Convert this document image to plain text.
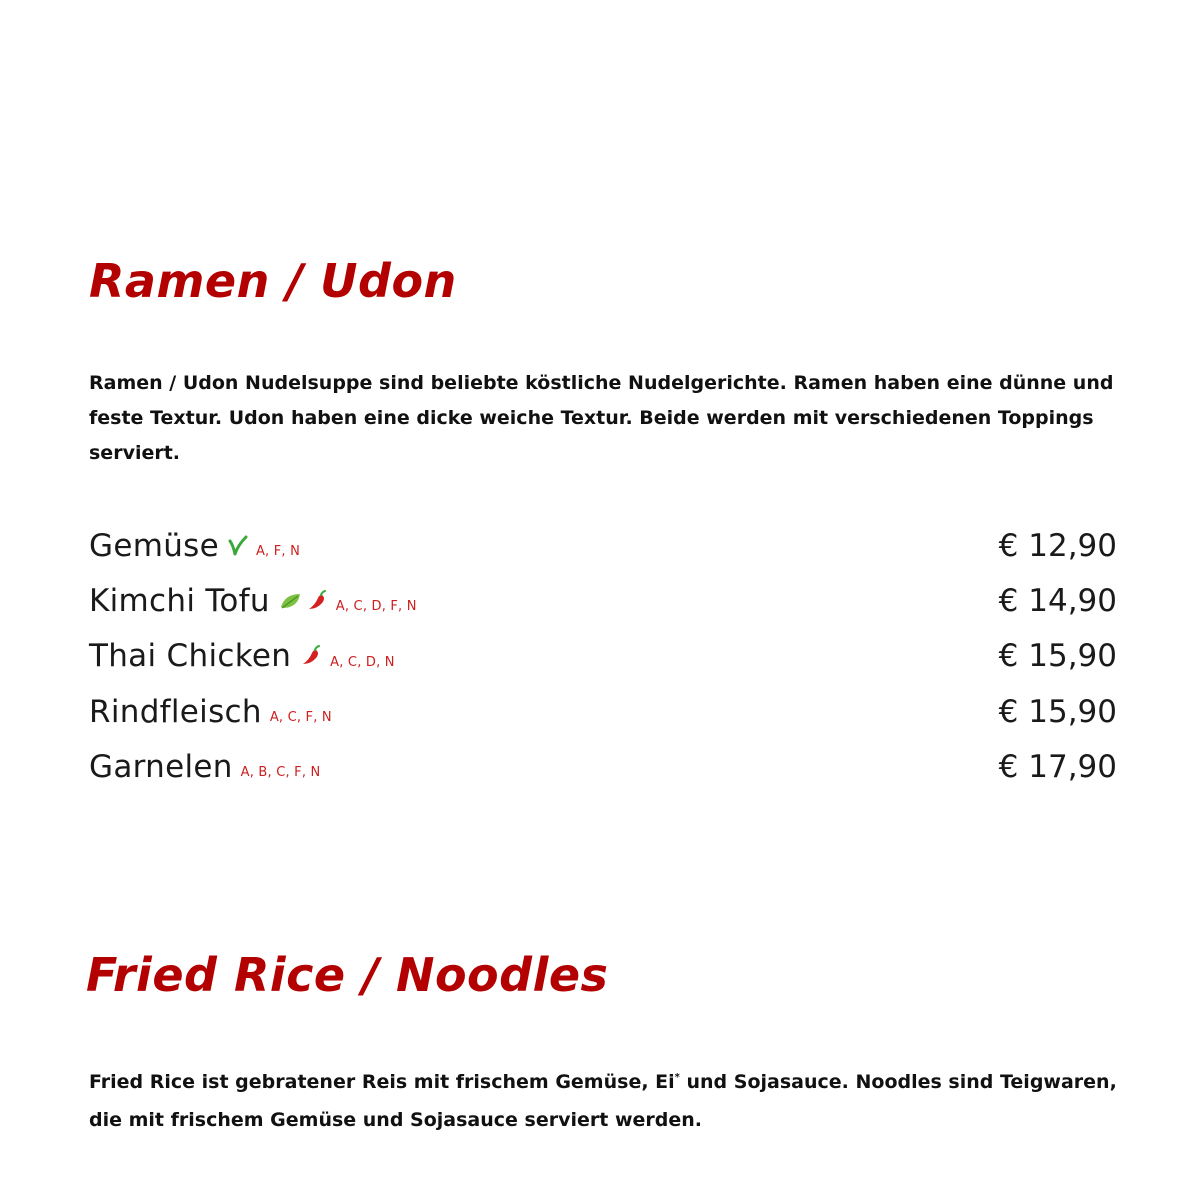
Ramen / Udon

Ramen / Udon Nudelsuppe sind beliebte köstliche Nudelgerichte. Ramen haben eine dünne und feste Textur. Udon haben eine dicke weiche Textur. Beide werden mit verschiedenen Toppings serviert.

Gemüse	A, F, N	€ 12,90
Kimchi Tofu	A, C, D, F, N	€ 14,90
Thai Chicken	A, C, D, N	€ 15,90
Rindfleisch A, C, F, N	€ 15,90
Garnelen A, B, C, F, N	€ 17,90
Fried Rice / Noodles

Fried Rice ist gebratener Reis mit frischem Gemüse, Ei* und Sojasauce. Noodles sind Teigwaren, die mit frischem Gemüse und Sojasauce serviert werden.
